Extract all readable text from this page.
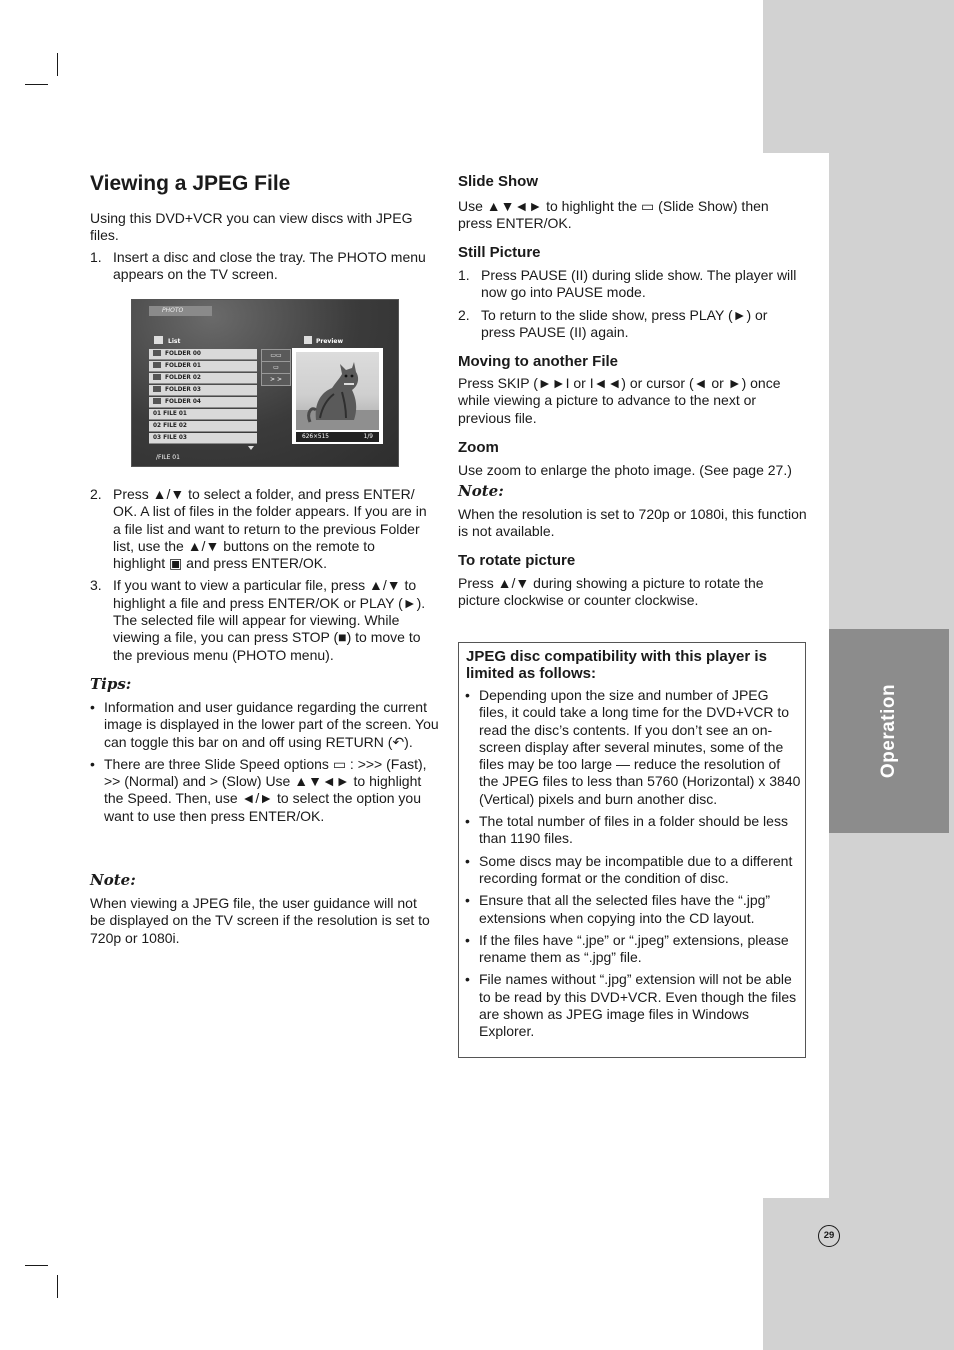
Operation
29
Viewing a JPEG File

Using this DVD+VCR you can view discs with JPEG files.

1. Insert a disc and close the tray. The PHOTO menu appears on the TV screen.
PHOTO
List	Preview
FOLDER 00
FOLDER 01
FOLDER 02
FOLDER 03
FOLDER 04
01 FILE 01
02 FILE 02
03 FILE 03
▭▭
▭
> >
626×515	1/9
/FILE 01
2. Press ▲/▼ to select a folder, and press ENTER/ OK. A list of files in the folder appears. If you are in a file list and want to return to the previous Folder list, use the ▲/▼ buttons on the remote to highlight ▣ and press ENTER/OK.
3. If you want to view a particular file, press ▲/▼ to highlight a file and press ENTER/OK or PLAY (►). The selected file will appear for viewing. While viewing a file, you can press STOP (■) to move to the previous menu (PHOTO menu).
Tips:
• Information and user guidance regarding the current image is displayed in the lower part of the screen. You can toggle this bar on and off using RETURN (↶).
• There are three Slide Speed options ▭ : >>> (Fast), >> (Normal) and > (Slow) Use ▲▼◄► to highlight the Speed. Then, use ◄/► to select the option you want to use then press ENTER/OK.
Note:

When viewing a JPEG file, the user guidance will not be displayed on the TV screen if the resolution is set to 720p or 1080i.

Slide Show

Use ▲▼◄► to highlight the ▭ (Slide Show) then press ENTER/OK.

Still Picture
1. Press PAUSE (II) during slide show. The player will now go into PAUSE mode.
2. To return to the slide show, press PLAY (►) or press PAUSE (II) again.
Moving to another File

Press SKIP (►►I or I◄◄) or cursor (◄ or ►) once while viewing a picture to advance to the next or previous file.

Zoom

Use zoom to enlarge the photo image. (See page 27.)

Note:

When the resolution is set to 720p or 1080i, this function is not available.

To rotate picture

Press ▲/▼ during showing a picture to rotate the picture clockwise or counter clockwise.

JPEG disc compatibility with this player is limited as follows:
• Depending upon the size and number of JPEG files, it could take a long time for the DVD+VCR to read the disc’s contents. If you don’t see an on-screen display after several minutes, some of the files may be too large — reduce the resolution of the JPEG files to less than 5760 (Horizontal) x 3840 (Vertical) pixels and burn another disc.
• The total number of files in a folder should be less than 1190 files.
• Some discs may be incompatible due to a different recording format or the condition of disc.
• Ensure that all the selected files have the “.jpg” extensions when copying into the CD layout.
• If the files have “.jpe” or “.jpeg” extensions, please rename them as “.jpg” file.
• File names without “.jpg” extension will not be able to be read by this DVD+VCR. Even though the files are shown as JPEG image files in Windows Explorer.
